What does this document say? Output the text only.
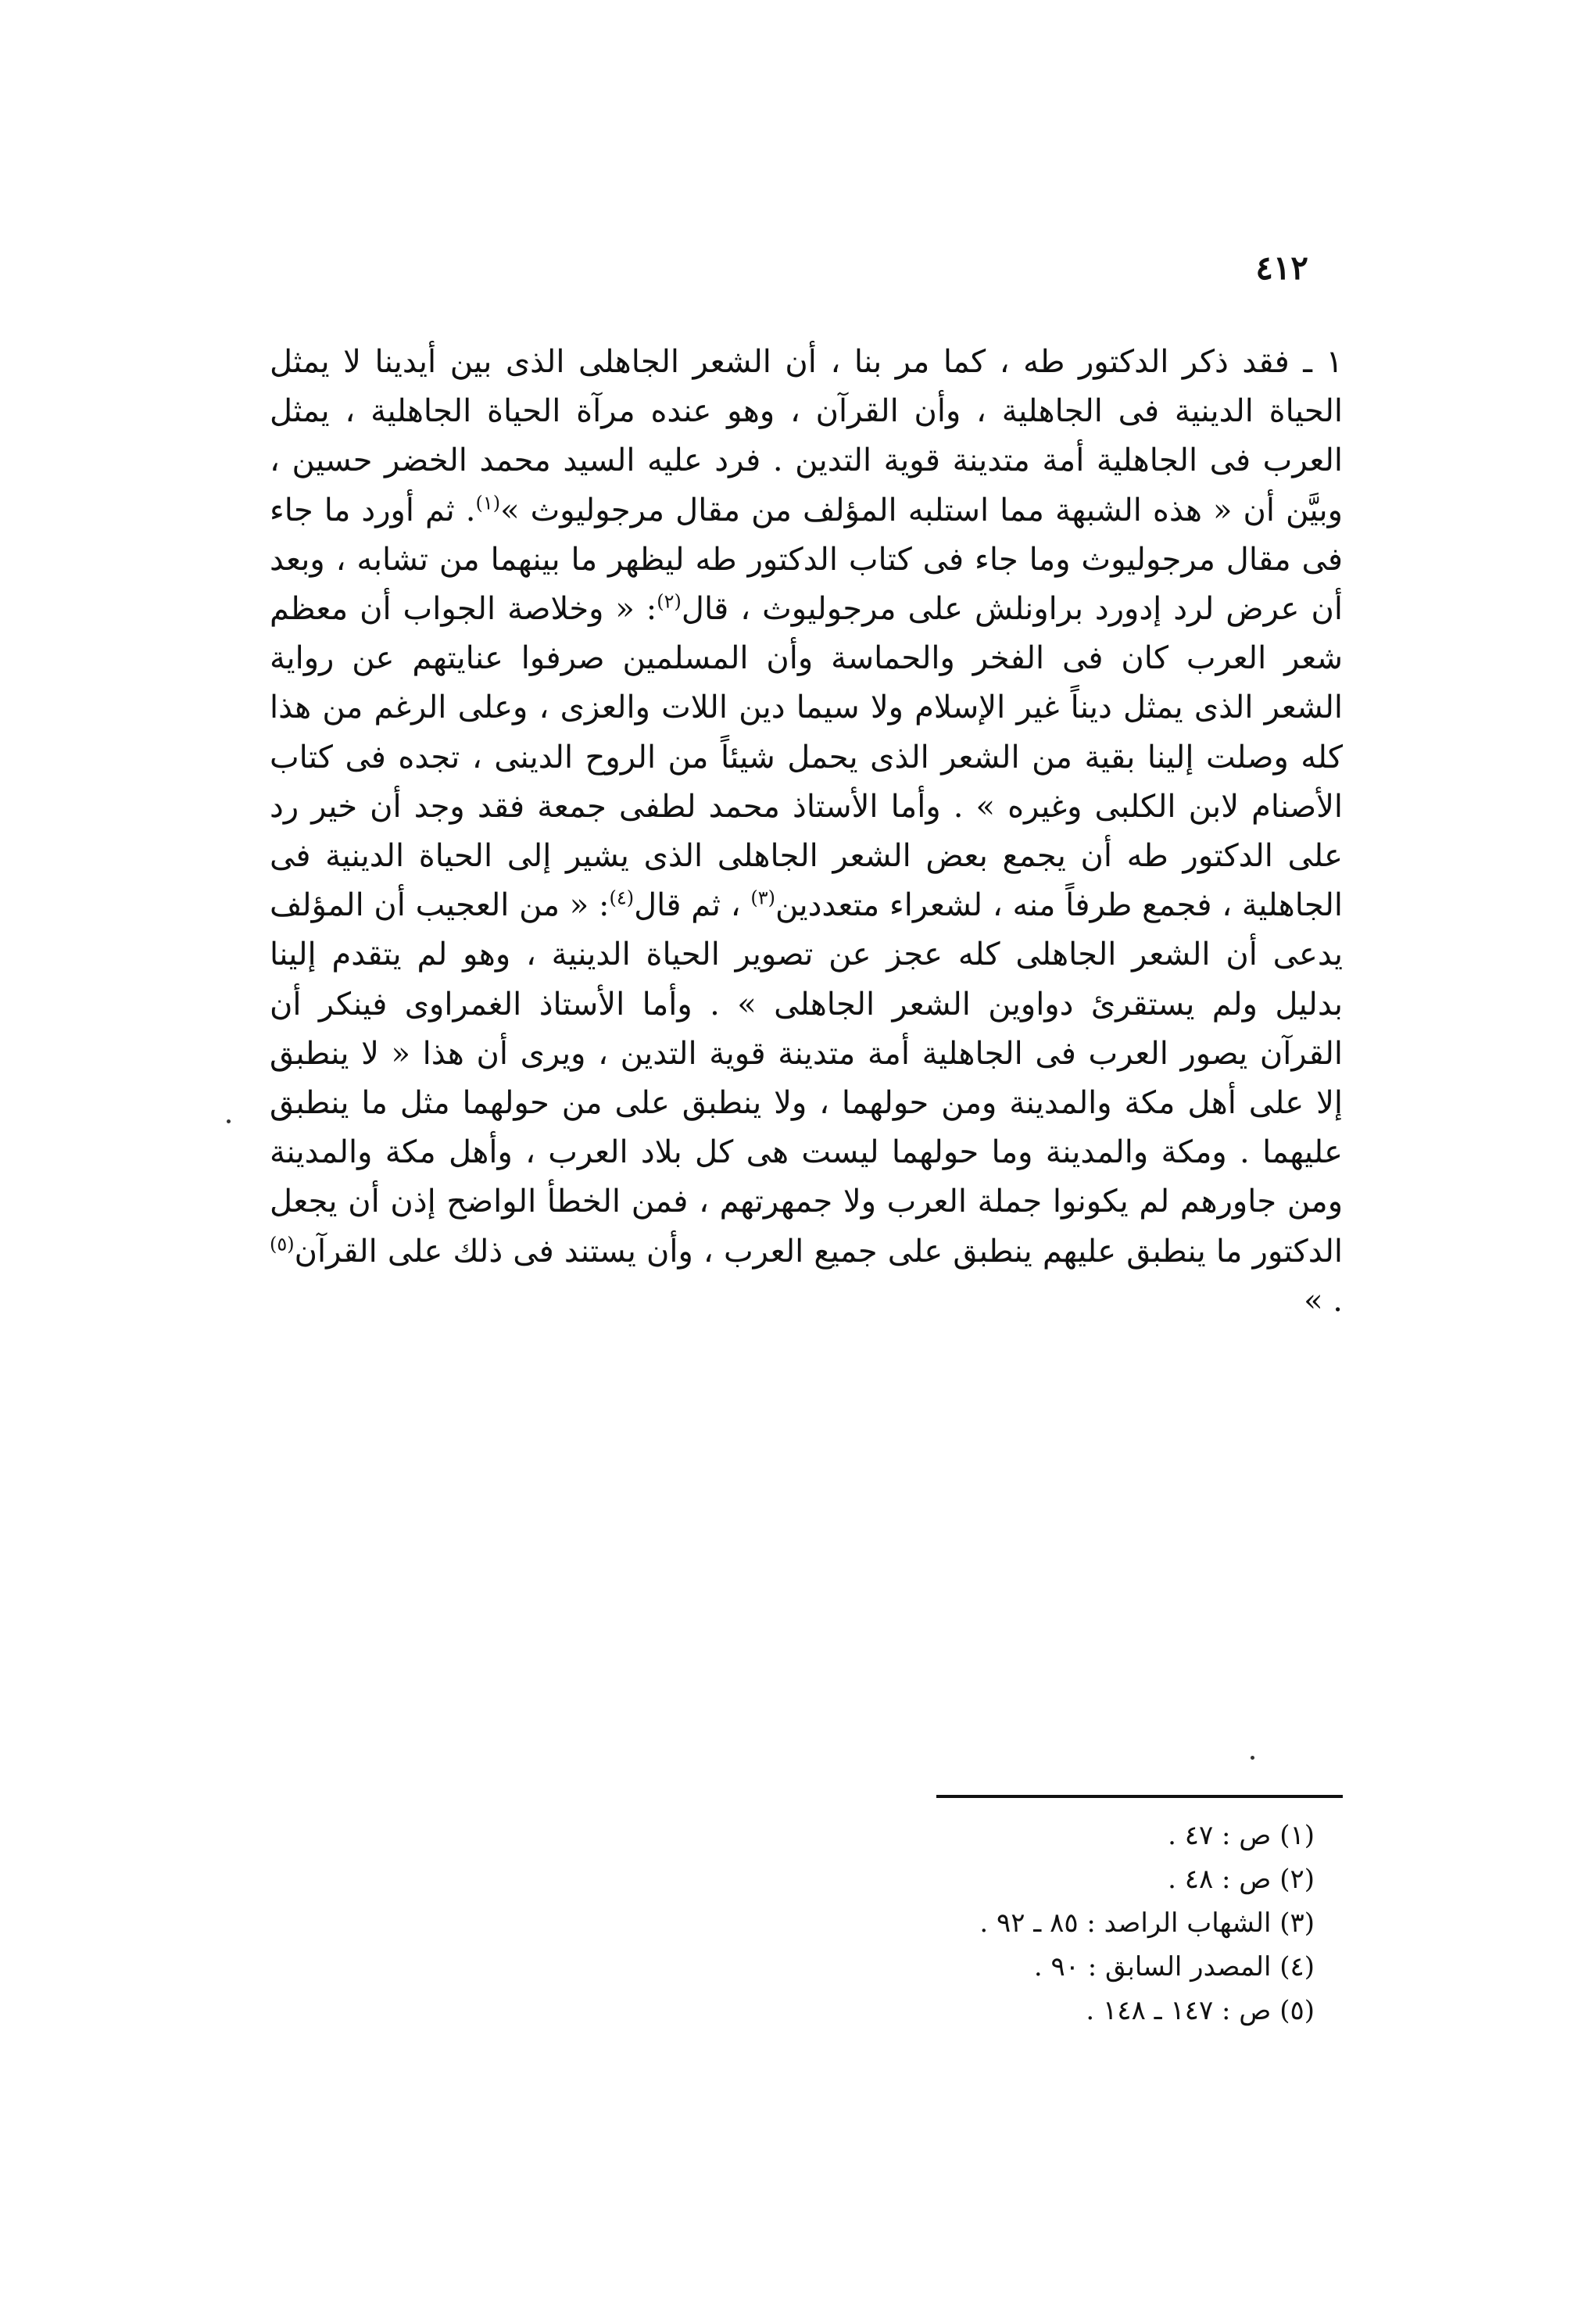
٤١٢

١ ـ فقد ذكر الدكتور طه ، كما مر بنا ، أن الشعر الجاهلى الذى بين أيدينا لا يمثل الحياة الدينية فى الجاهلية ، وأن القرآن ، وهو عنده مرآة الحياة الجاهلية ، يمثل العرب فى الجاهلية أمة متدينة قوية التدين . فرد عليه السيد محمد الخضر حسين ، وبيَّن أن « هذه الشبهة مما استلبه المؤلف من مقال مرجوليوث »$^{(١)}$. ثم أورد ما جاء فى مقال مرجوليوث وما جاء فى كتاب الدكتور طه ليظهر ما بينهما من تشابه ، وبعد أن عرض لرد إدورد براونلش على مرجوليوث ، قال$^{(٢)}$: « وخلاصة الجواب أن معظم شعر العرب كان فى الفخر والحماسة وأن المسلمين صرفوا عنايتهم عن رواية الشعر الذى يمثل ديناً غير الإسلام ولا سيما دين اللات والعزى ، وعلى الرغم من هذا كله وصلت إلينا بقية من الشعر الذى يحمل شيئاً من الروح الدينى ، تجده فى كتاب الأصنام لابن الكلبى وغيره » . وأما الأستاذ محمد لطفى جمعة فقد وجد أن خير رد على الدكتور طه أن يجمع بعض الشعر الجاهلى الذى يشير إلى الحياة الدينية فى الجاهلية ، فجمع طرفاً منه ، لشعراء متعددين$^{(٣)}$ ، ثم قال$^{(٤)}$: « من العجيب أن المؤلف يدعى أن الشعر الجاهلى كله عجز عن تصوير الحياة الدينية ، وهو لم يتقدم إلينا بدليل ولم يستقرئ دواوين الشعر الجاهلى » . وأما الأستاذ الغمراوى فينكر أن القرآن يصور العرب فى الجاهلية أمة متدينة قوية التدين ، ويرى أن هذا « لا ينطبق إلا على أهل مكة والمدينة ومن حولهما ، ولا ينطبق على من حولهما مثل ما ينطبق عليهما . ومكة والمدينة وما حولهما ليست هى كل بلاد العرب ، وأهل مكة والمدينة ومن جاورهم لم يكونوا جملة العرب ولا جمهرتهم ، فمن الخطأ الواضح إذن أن يجعل الدكتور ما ينطبق عليهم ينطبق على جميع العرب ، وأن يستند فى ذلك على القرآن$^{(٥)}$ . »

(١) ص : ٤٧ .
(٢) ص : ٤٨ .
(٣) الشهاب الراصد : ٨٥ ـ ٩٢ .
(٤) المصدر السابق : ٩٠ .
(٥) ص : ١٤٧ ـ ١٤٨ .
